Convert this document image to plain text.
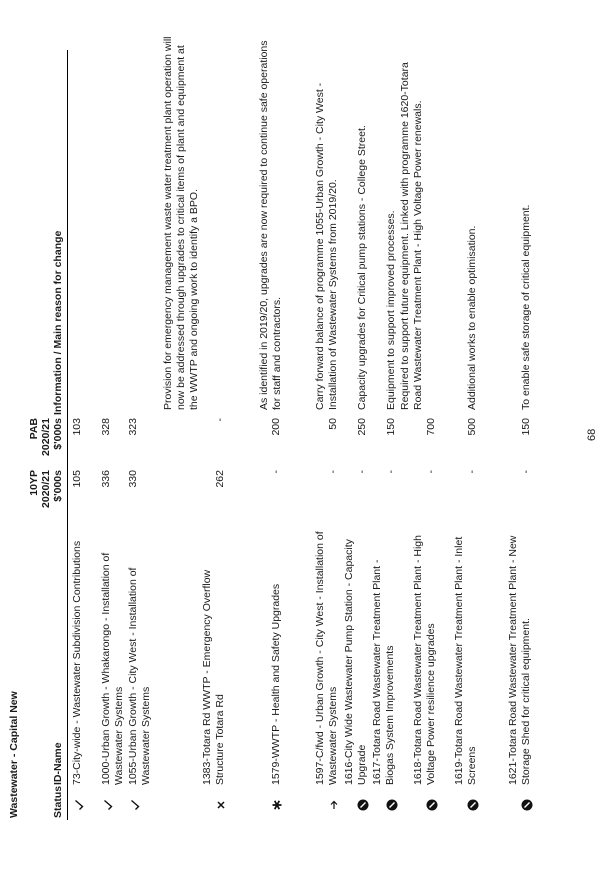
Wastewater - Capital New	Status
ID-Name
10YP 2020/21 $'000s
PAB 2020/21 $'000s
Information / Main reason for change
73-City-wide - Wastewater Subdivision Contributions
105
103
1000-Urban Growth - Whakarongo - Installation of Wastewater Systems
336
328
1055-Urban Growth - City West - Installation of Wastewater Systems
330
323
1383-Totara Rd WWTP - Emergency Overflow Structure Totara Rd
262
-
Provision for emergency management waste water treatment plant operation will now be addressed through upgrades to critical items of plant and equipment at the WWTP and ongoing work to identify a BPO.
1579-WWTP - Health and Safety Upgrades
-
200
As identified in 2019/20, upgrades are now required to continue safe operations for staff and contractors.
1597-C/fwd - Urban Growth - City West - Installation of Wastewater Systems
-
50
Carry forward balance of programme 1055-Urban Growth - City West - Installation of Wastewater Systems from 2019/20.
1616-City Wide Wastewater Pump Station - Capacity Upgrade
-
250
Capacity upgrades for Critical pump stations - College Street.
1617-Totara Road Wastewater Treatment Plant - Biogas System Improvements
-
150
Equipment to support improved processes.
1618-Totara Road Wastewater Treatment Plant - High Voltage Power resilience upgrades
-
700
Required to support future equipment. Linked with programme 1620-Totara Road Wastewater Treatment Plant - High Voltage Power renewals.
1619-Totara Road Wastewater Treatment Plant - Inlet Screens
-
500
Additional works to enable optimisation.
1621-Totara Road Wastewater Treatment Plant - New Storage Shed for critical equipment.
-
150
To enable safe storage of critical equipment.
68
